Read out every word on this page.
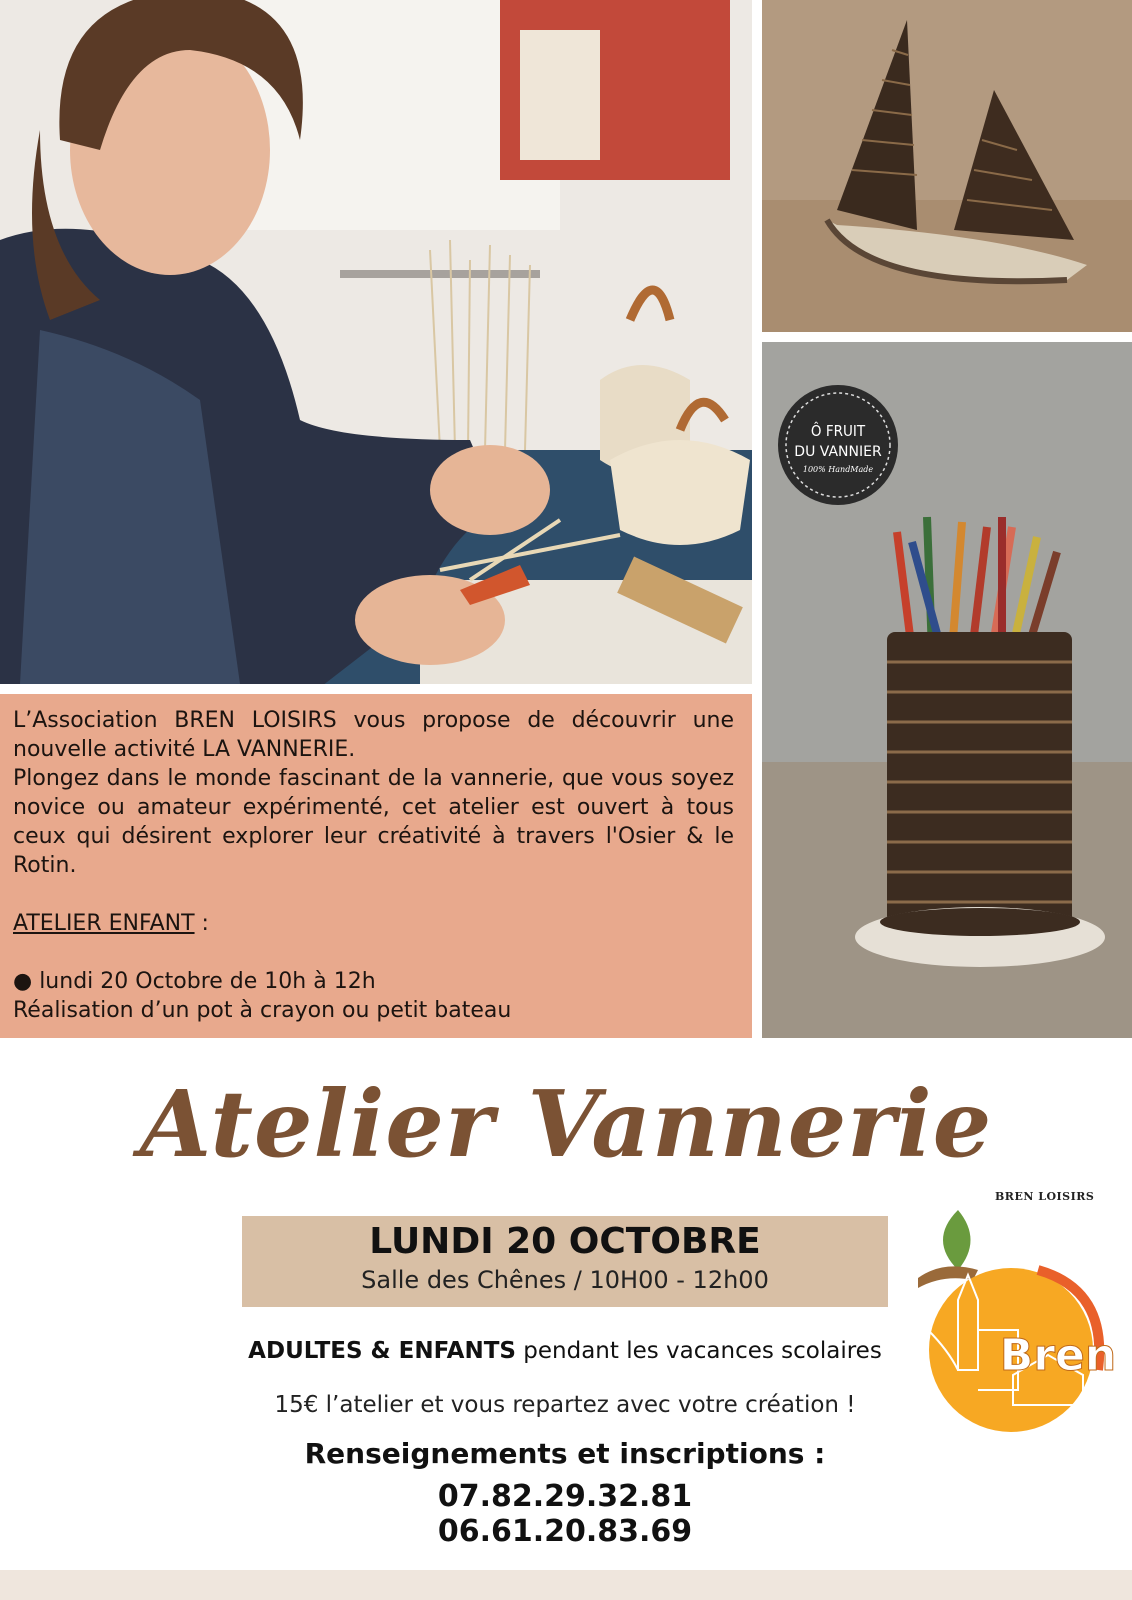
Ô FRUIT
DU VANNIER
100% HandMade

L’Association BREN LOISIRS vous propose de découvrir une nouvelle activité LA VANNERIE.

Plongez dans le monde fascinant de la vannerie, que vous soyez novice ou amateur expérimenté, cet atelier est ouvert à tous ceux qui désirent explorer leur créativité à travers l'Osier & le Rotin.

ATELIER ENFANT :

● lundi 20 Octobre de 10h à 12h

Réalisation d’un pot à crayon ou petit bateau

Atelier Vannerie
LUNDI 20 OCTOBRE
Salle des Chênes / 10H00 - 12h00
ADULTES & ENFANTS pendant les vacances scolaires
15€ l’atelier et vous repartez avec votre création !
Renseignements et inscriptions :
07.82.29.32.81
06.61.20.83.69
Bren
BREN LOISIRS
